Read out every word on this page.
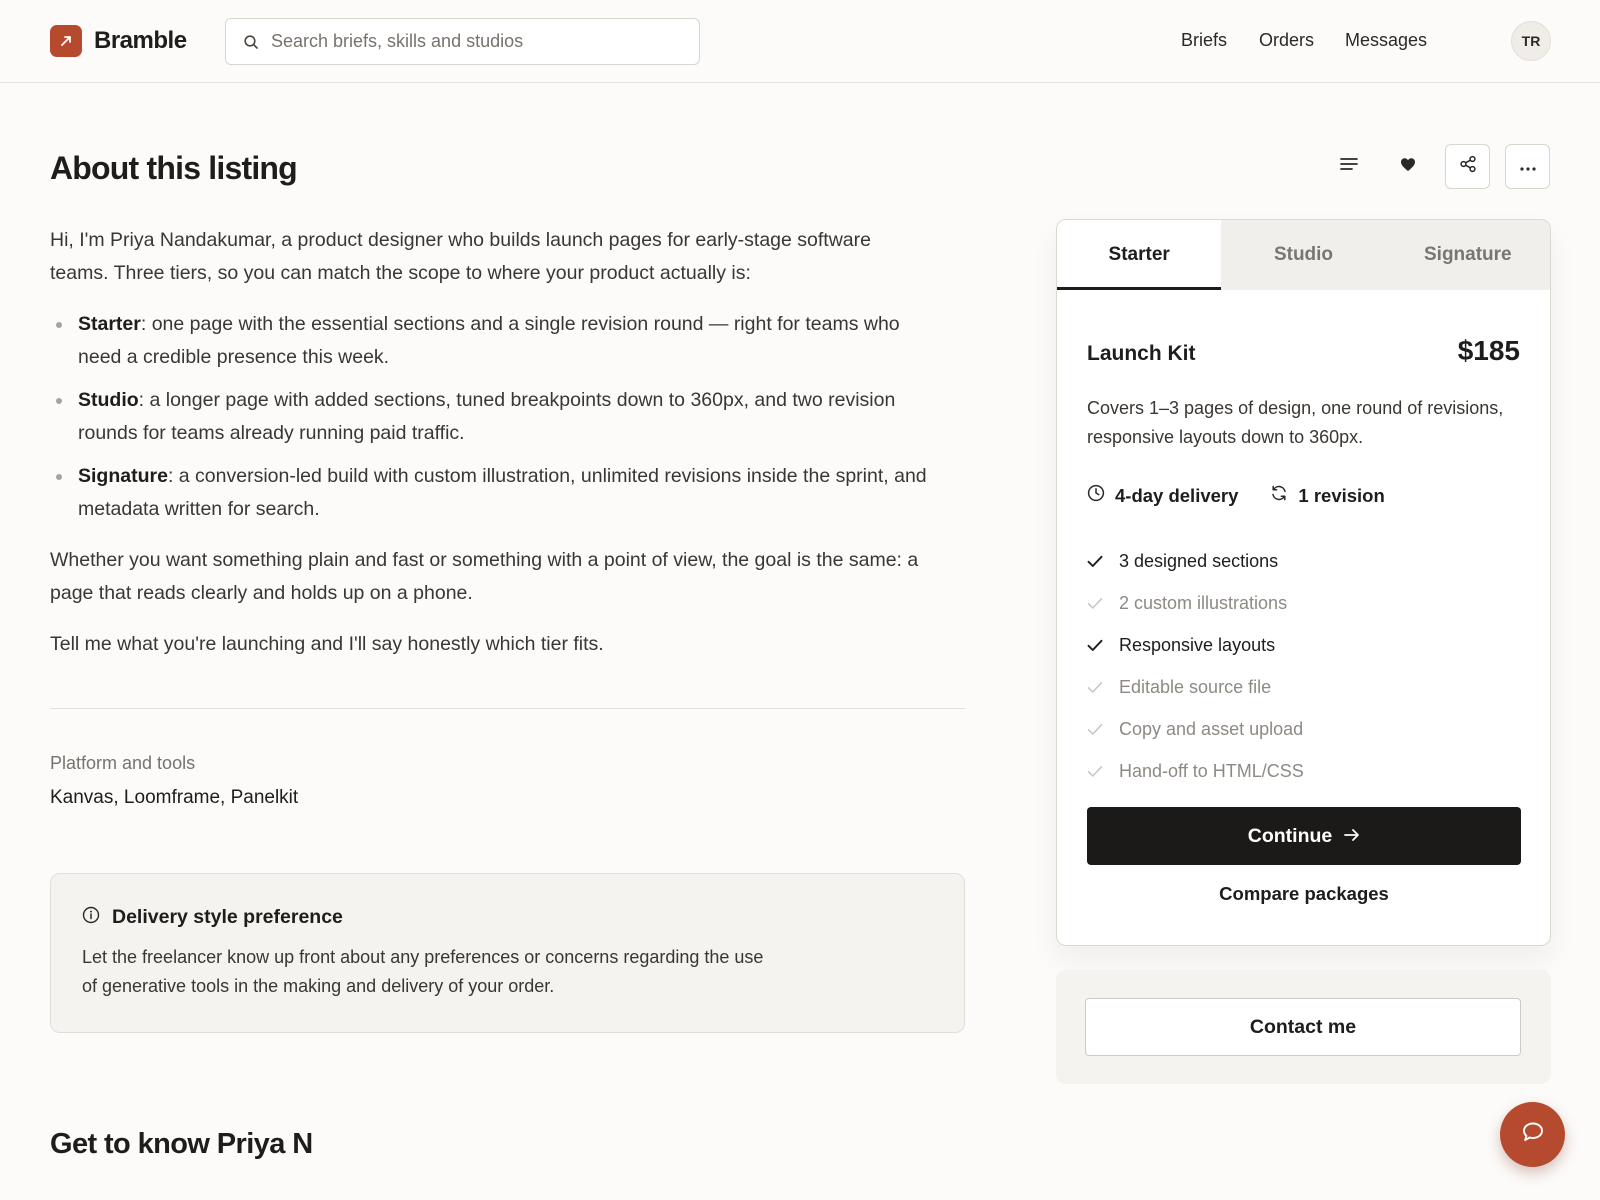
Bramble
Search briefs, skills and studios	Briefs Orders Messages	TR
About this listing

Hi, I'm Priya Nandakumar, a product designer who builds launch pages for early-stage software teams. Three tiers, so you can match the scope to where your product actually is:

Starter: one page with the essential sections and a single revision round — right for teams who need a credible presence this week.
Studio: a longer page with added sections, tuned breakpoints down to 360px, and two revision rounds for teams already running paid traffic.
Signature: a conversion-led build with custom illustration, unlimited revisions inside the sprint, and metadata written for search.

Whether you want something plain and fast or something with a point of view, the goal is the same: a page that reads clearly and holds up on a phone.

Tell me what you're launching and I'll say honestly which tier fits.

Platform and tools
Kanvas, Loomframe, Panelkit
Delivery style preference
Let the freelancer know up front about any preferences or concerns regarding the use of generative tools in the making and delivery of your order.
Get to know Priya N
Starter	Studio	Signature
Launch Kit	$185
Covers 1–3 pages of design, one round of revisions, responsive layouts down to 360px.
4-day delivery	1 revision
3 designed sections
2 custom illustrations
Responsive layouts
Editable source file
Copy and asset upload
Hand-off to HTML/CSS
Continue
Compare packages
Contact me
